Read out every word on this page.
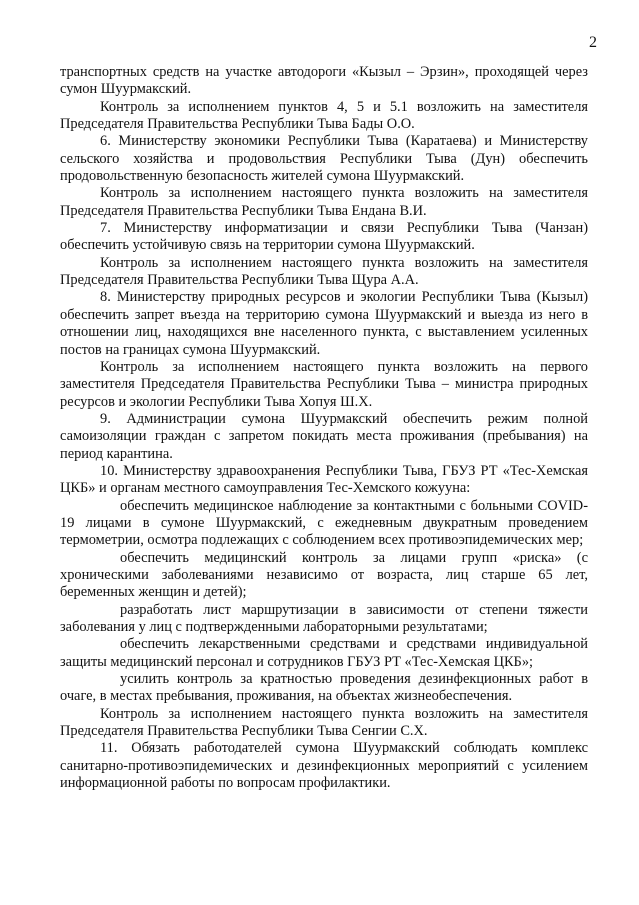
2

транспортных средств на участке автодороги «Кызыл – Эрзин», проходящей через сумон Шуурмакский.

Контроль за исполнением пунктов 4, 5 и 5.1 возложить на заместителя Председателя Правительства Республики Тыва Бады О.О.

6. Министерству экономики Республики Тыва (Каратаева) и Министерству сельского хозяйства и продовольствия Республики Тыва (Дун) обеспечить продовольственную безопасность жителей сумона Шуурмакский.

Контроль за исполнением настоящего пункта возложить на заместителя Председателя Правительства Республики Тыва Ендана В.И.

7. Министерству информатизации и связи Республики Тыва (Чанзан) обеспечить устойчивую связь на территории сумона Шуурмакский.

Контроль за исполнением настоящего пункта возложить на заместителя Председателя Правительства Республики Тыва Щура А.А.

8. Министерству природных ресурсов и экологии Республики Тыва (Кызыл) обеспечить запрет въезда на территорию сумона Шуурмакский и выезда из него в отношении лиц, находящихся вне населенного пункта, с выставлением усиленных постов на границах сумона Шуурмакский.

Контроль за исполнением настоящего пункта возложить на первого заместителя Председателя Правительства Республики Тыва – министра природных ресурсов и экологии Республики Тыва Хопуя Ш.Х.

9. Администрации сумона Шуурмакский обеспечить режим полной самоизоляции граждан с запретом покидать места проживания (пребывания) на период карантина.

10. Министерству здравоохранения Республики Тыва, ГБУЗ РТ «Тес-Хемская ЦКБ» и органам местного самоуправления Тес-Хемского кожууна:

обеспечить медицинское наблюдение за контактными с больными COVID-19 лицами в сумоне Шуурмакский, с ежедневным двукратным проведением термометрии, осмотра подлежащих с соблюдением всех противоэпидемических мер;

обеспечить медицинский контроль за лицами групп «риска» (с хроническими заболеваниями независимо от возраста, лиц старше 65 лет, беременных женщин и детей);

разработать лист маршрутизации в зависимости от степени тяжести заболевания у лиц с подтвержденными лабораторными результатами;

обеспечить лекарственными средствами и средствами индивидуальной защиты медицинский персонал и сотрудников ГБУЗ РТ «Тес-Хемская ЦКБ»;

усилить контроль за кратностью проведения дезинфекционных работ в очаге, в местах пребывания, проживания, на объектах жизнеобеспечения.

Контроль за исполнением настоящего пункта возложить на заместителя Председателя Правительства Республики Тыва Сенгии С.Х.

11. Обязать работодателей сумона Шуурмакский соблюдать комплекс санитарно-противоэпидемических и дезинфекционных мероприятий с усилением информационной работы по вопросам профилактики.
